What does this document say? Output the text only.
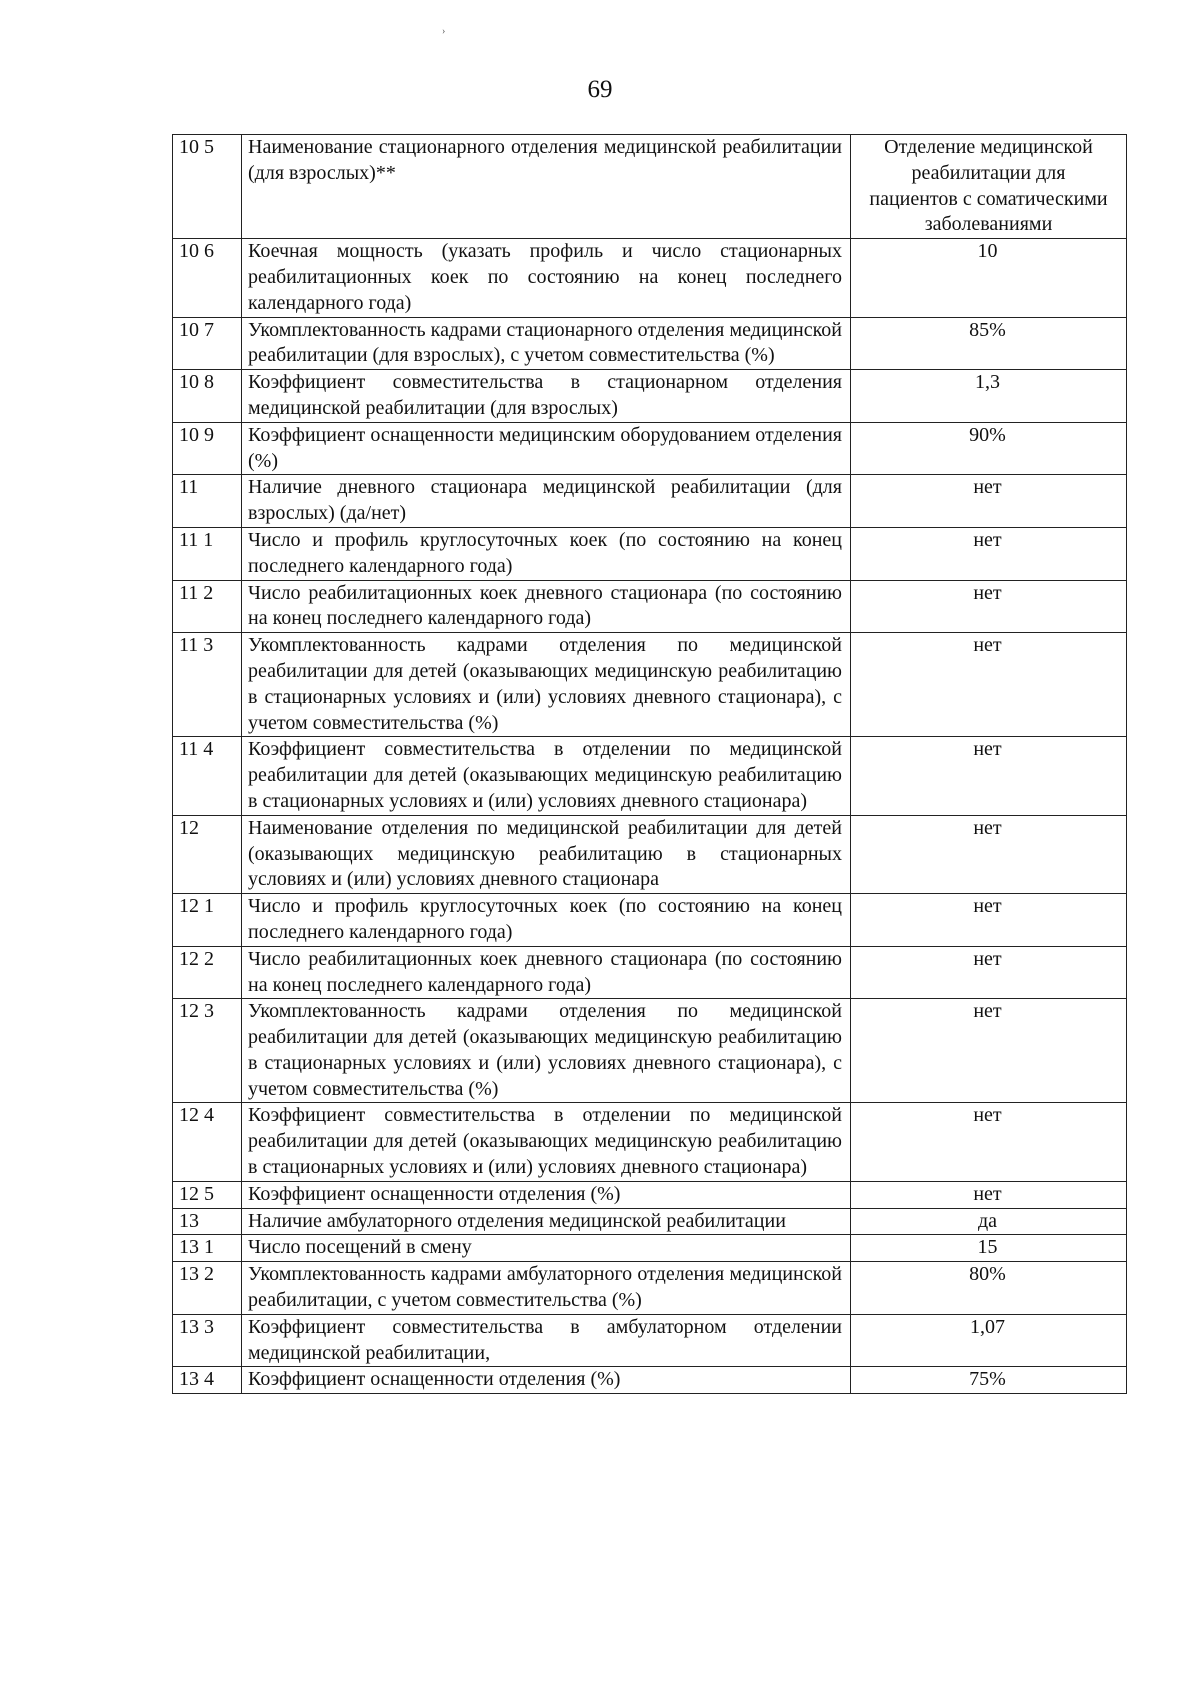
›
69
10 5	Наименование стационарного отделения медицинской реабилитации (для взрослых)**	Отделение медицинской реабилитации для пациентов с соматическими заболеваниями
10 6	Коечная мощность (указать профиль и число стационарных реабилитационных коек по состоянию на конец последнего календарного года)	10
10 7	Укомплектованность кадрами стационарного отделения медицинской реабилитации (для взрослых), с учетом совместительства (%)	85%
10 8	Коэффициент совместительства в стационарном отделения медицинской реабилитации (для взрослых)	1,3
10 9	Коэффициент оснащенности медицинским оборудованием отделения (%)	90%
11	Наличие дневного стационара медицинской реабилитации (для взрослых) (да/нет)	нет
11 1	Число и профиль круглосуточных коек (по состоянию на конец последнего календарного года)	нет
11 2	Число реабилитационных коек дневного стационара (по состоянию на конец последнего календарного года)	нет
11 3	Укомплектованность кадрами отделения по медицинской реабилитации для детей (оказывающих медицинскую реабилитацию в стационарных условиях и (или) условиях дневного стационара), с учетом совместительства (%)	нет
11 4	Коэффициент совместительства в отделении по медицинской реабилитации для детей (оказывающих медицинскую реабилитацию в стационарных условиях и (или) условиях дневного стационара)	нет
12	Наименование отделения по медицинской реабилитации для детей (оказывающих медицинскую реабилитацию в стационарных условиях и (или) условиях дневного стационара	нет
12 1	Число и профиль круглосуточных коек (по состоянию на конец последнего календарного года)	нет
12 2	Число реабилитационных коек дневного стационара (по состоянию на конец последнего календарного года)	нет
12 3	Укомплектованность кадрами отделения по медицинской реабилитации для детей (оказывающих медицинскую реабилитацию в стационарных условиях и (или) условиях дневного стационара), с учетом совместительства (%)	нет
12 4	Коэффициент совместительства в отделении по медицинской реабилитации для детей (оказывающих медицинскую реабилитацию в стационарных условиях и (или) условиях дневного стационара)	нет
12 5	Коэффициент оснащенности отделения (%)	нет
13	Наличие амбулаторного отделения медицинской реабилитации	да
13 1	Число посещений в смену	15
13 2	Укомплектованность кадрами амбулаторного отделения медицинской реабилитации, с учетом совместительства (%)	80%
13 3	Коэффициент совместительства в амбулаторном отделении медицинской реабилитации,	1,07
13 4	Коэффициент оснащенности отделения (%)	75%
